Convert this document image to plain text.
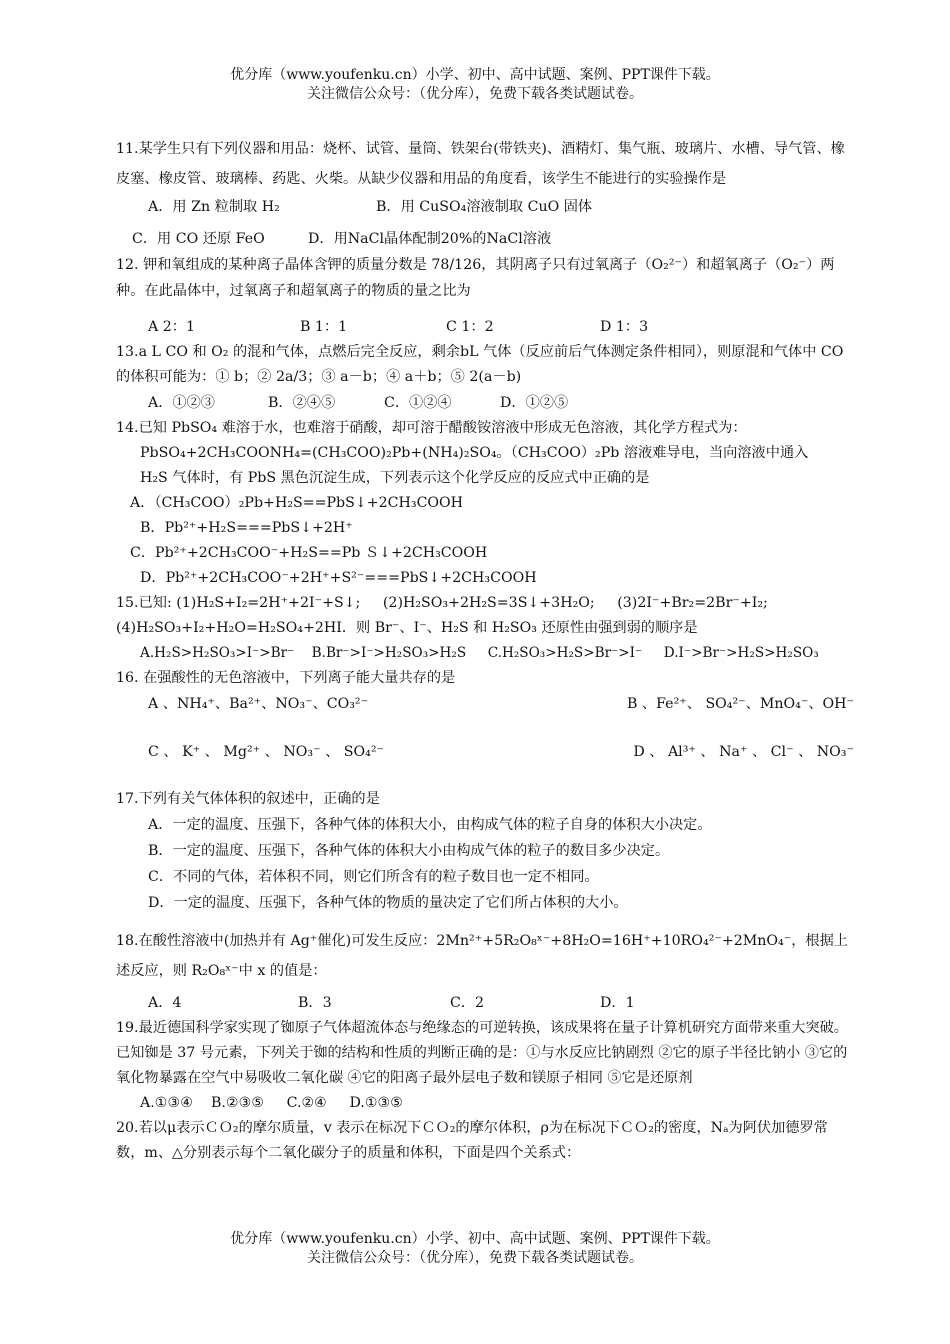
优分库（www.youfenku.cn）小学、初中、高中试题、案例、PPT课件下载。
关注微信公众号：（优分库），免费下载各类试题试卷。

11.某学生只有下列仪器和用品：烧杯、试管、量筒、铁架台(带铁夹)、酒精灯、集气瓶、玻璃片、水槽、导气管、橡皮塞、橡皮管、玻璃棒、药匙、火柴。从缺少仪器和用品的角度看，该学生不能进行的实验操作是

A．用 Zn 粒制取 H₂	B．用 CuSO₄溶液制取 CuO 固体
C．用 CO 还原 FeO	D．用NaCl晶体配制20%的NaCl溶液

12. 钾和氧组成的某种离子晶体含钾的质量分数是 78/126，其阴离子只有过氧离子（O₂²⁻）和超氧离子（O₂⁻）两种。在此晶体中，过氧离子和超氧离子的物质的量之比为

A 2：1	B 1：1	C 1：2	D 1：3

13.a L CO 和 O₂ 的混和气体，点燃后完全反应，剩余bL 气体（反应前后气体测定条件相同），则原混和气体中 CO 的体积可能为：① b；② 2a/3；③ a－b；④ a＋b；⑤ 2(a－b)

A．①②③	B．②④⑤	C．①②④	D．①②⑤
14.已知 PbSO₄ 难溶于水，也难溶于硝酸，却可溶于醋酸铵溶液中形成无色溶液，其化学方程式为：
PbSO₄+2CH₃COONH₄=(CH₃COO)₂Pb+(NH₄)₂SO₄。（CH₃COO）₂Pb 溶液难导电，当向溶液中通入
H₂S 气体时，有 PbS 黑色沉淀生成，下列表示这个化学反应的反应式中正确的是
A．（CH₃COO）₂Pb+H₂S==PbS↓+2CH₃COOH
B．Pb²⁺+H₂S===PbS↓+2H⁺
C．Pb²⁺+2CH₃COO⁻+H₂S==Pb Ｓ↓+2CH₃COOH
D．Pb²⁺+2CH₃COO⁻+2H⁺+S²⁻===PbS↓+2CH₃COOH
15.已知: (1)H₂S+I₂=2H⁺+2I⁻+S↓;     (2)H₂SO₃+2H₂S=3S↓+3H₂O;     (3)2I⁻+Br₂=2Br⁻+I₂;
(4)H₂SO₃+I₂+H₂O=H₂SO₄+2HI．则 Br⁻、I⁻、H₂S 和 H₂SO₃ 还原性由强到弱的顺序是
A.H₂S>H₂SO₃>I⁻>Br⁻    B.Br⁻>I⁻>H₂SO₃>H₂S     C.H₂SO₃>H₂S>Br⁻>I⁻     D.I⁻>Br⁻>H₂S>H₂SO₃
16. 在强酸性的无色溶液中，下列离子能大量共存的是
A 、NH₄⁺、Ba²⁺、NO₃⁻、CO₃²⁻	B 、Fe²⁺、 SO₄²⁻、MnO₄⁻、OH⁻
C 、 K⁺ 、 Mg²⁺ 、 NO₃⁻ 、 SO₄²⁻	D 、 Al³⁺ 、 Na⁺ 、 Cl⁻ 、 NO₃⁻
17.下列有关气体体积的叙述中，正确的是
A．一定的温度、压强下，各种气体的体积大小，由构成气体的粒子自身的体积大小决定。
B．一定的温度、压强下，各种气体的体积大小由构成气体的粒子的数目多少决定。
C．不同的气体，若体积不同，则它们所含有的粒子数目也一定不相同。
D．一定的温度、压强下，各种气体的物质的量决定了它们所占体积的大小。

18.在酸性溶液中(加热并有 Ag⁺催化)可发生反应：2Mn²⁺+5R₂O₈ˣ⁻+8H₂O=16H⁺+10RO₄²⁻+2MnO₄⁻，根据上述反应，则 R₂O₈ˣ⁻中 x 的值是：

A．4	B．3	C．2	D．1

19.最近德国科学家实现了铷原子气体超流体态与绝缘态的可逆转换，该成果将在量子计算机研究方面带来重大突破。已知铷是 37 号元素，下列关于铷的结构和性质的判断正确的是：①与水反应比钠剧烈 ②它的原子半径比钠小 ③它的氧化物暴露在空气中易吸收二氧化碳 ④它的阳离子最外层电子数和镁原子相同 ⑤它是还原剂

A.①③④    B.②③⑤     C.②④     D.①③⑤

20.若以μ表示ＣＯ₂的摩尔质量，v 表示在标况下ＣＯ₂的摩尔体积，ρ为在标况下ＣＯ₂的密度，Nₐ为阿伏加德罗常数，m、△分别表示每个二氧化碳分子的质量和体积，下面是四个关系式：

优分库（www.youfenku.cn）小学、初中、高中试题、案例、PPT课件下载。
关注微信公众号：（优分库），免费下载各类试题试卷。
